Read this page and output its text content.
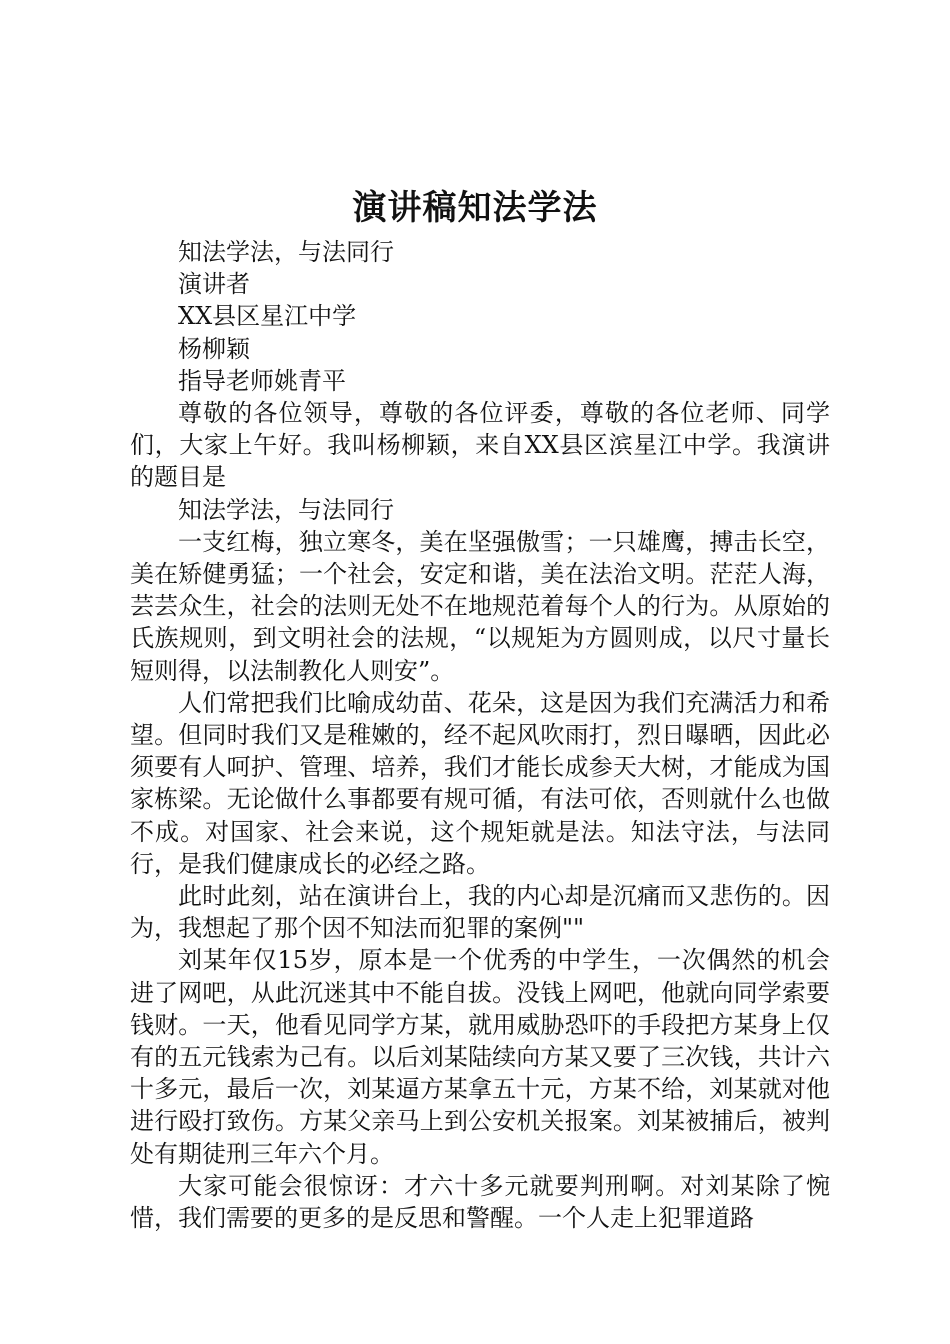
演讲稿知法学法

知法学法，与法同行

演讲者

XX县区星江中学

杨柳颖

指导老师姚青平

尊敬的各位领导，尊敬的各位评委，尊敬的各位老师、同学们，大家上午好。我叫杨柳颖，来自XX县区滨星江中学。我演讲的题目是

知法学法，与法同行

一支红梅，独立寒冬，美在坚强傲雪；一只雄鹰，搏击长空，美在矫健勇猛；一个社会，安定和谐，美在法治文明。茫茫人海，芸芸众生，社会的法则无处不在地规范着每个人的行为。从原始的氏族规则，到文明社会的法规，“以规矩为方圆则成，以尺寸量长短则得，以法制教化人则安”。

人们常把我们比喻成幼苗、花朵，这是因为我们充满活力和希望。但同时我们又是稚嫩的，经不起风吹雨打，烈日曝晒，因此必须要有人呵护、管理、培养，我们才能长成参天大树，才能成为国家栋梁。无论做什么事都要有规可循，有法可依，否则就什么也做不成。对国家、社会来说，这个规矩就是法。知法守法，与法同行，是我们健康成长的必经之路。

此时此刻，站在演讲台上，我的内心却是沉痛而又悲伤的。因为，我想起了那个因不知法而犯罪的案例""

刘某年仅15岁，原本是一个优秀的中学生，一次偶然的机会进了网吧，从此沉迷其中不能自拔。没钱上网吧，他就向同学索要钱财。一天，他看见同学方某，就用威胁恐吓的手段把方某身上仅有的五元钱索为己有。以后刘某陆续向方某又要了三次钱，共计六十多元，最后一次，刘某逼方某拿五十元，方某不给，刘某就对他进行殴打致伤。方某父亲马上到公安机关报案。刘某被捕后，被判处有期徒刑三年六个月。

大家可能会很惊讶：才六十多元就要判刑啊。对刘某除了惋惜，我们需要的更多的是反思和警醒。一个人走上犯罪道路
